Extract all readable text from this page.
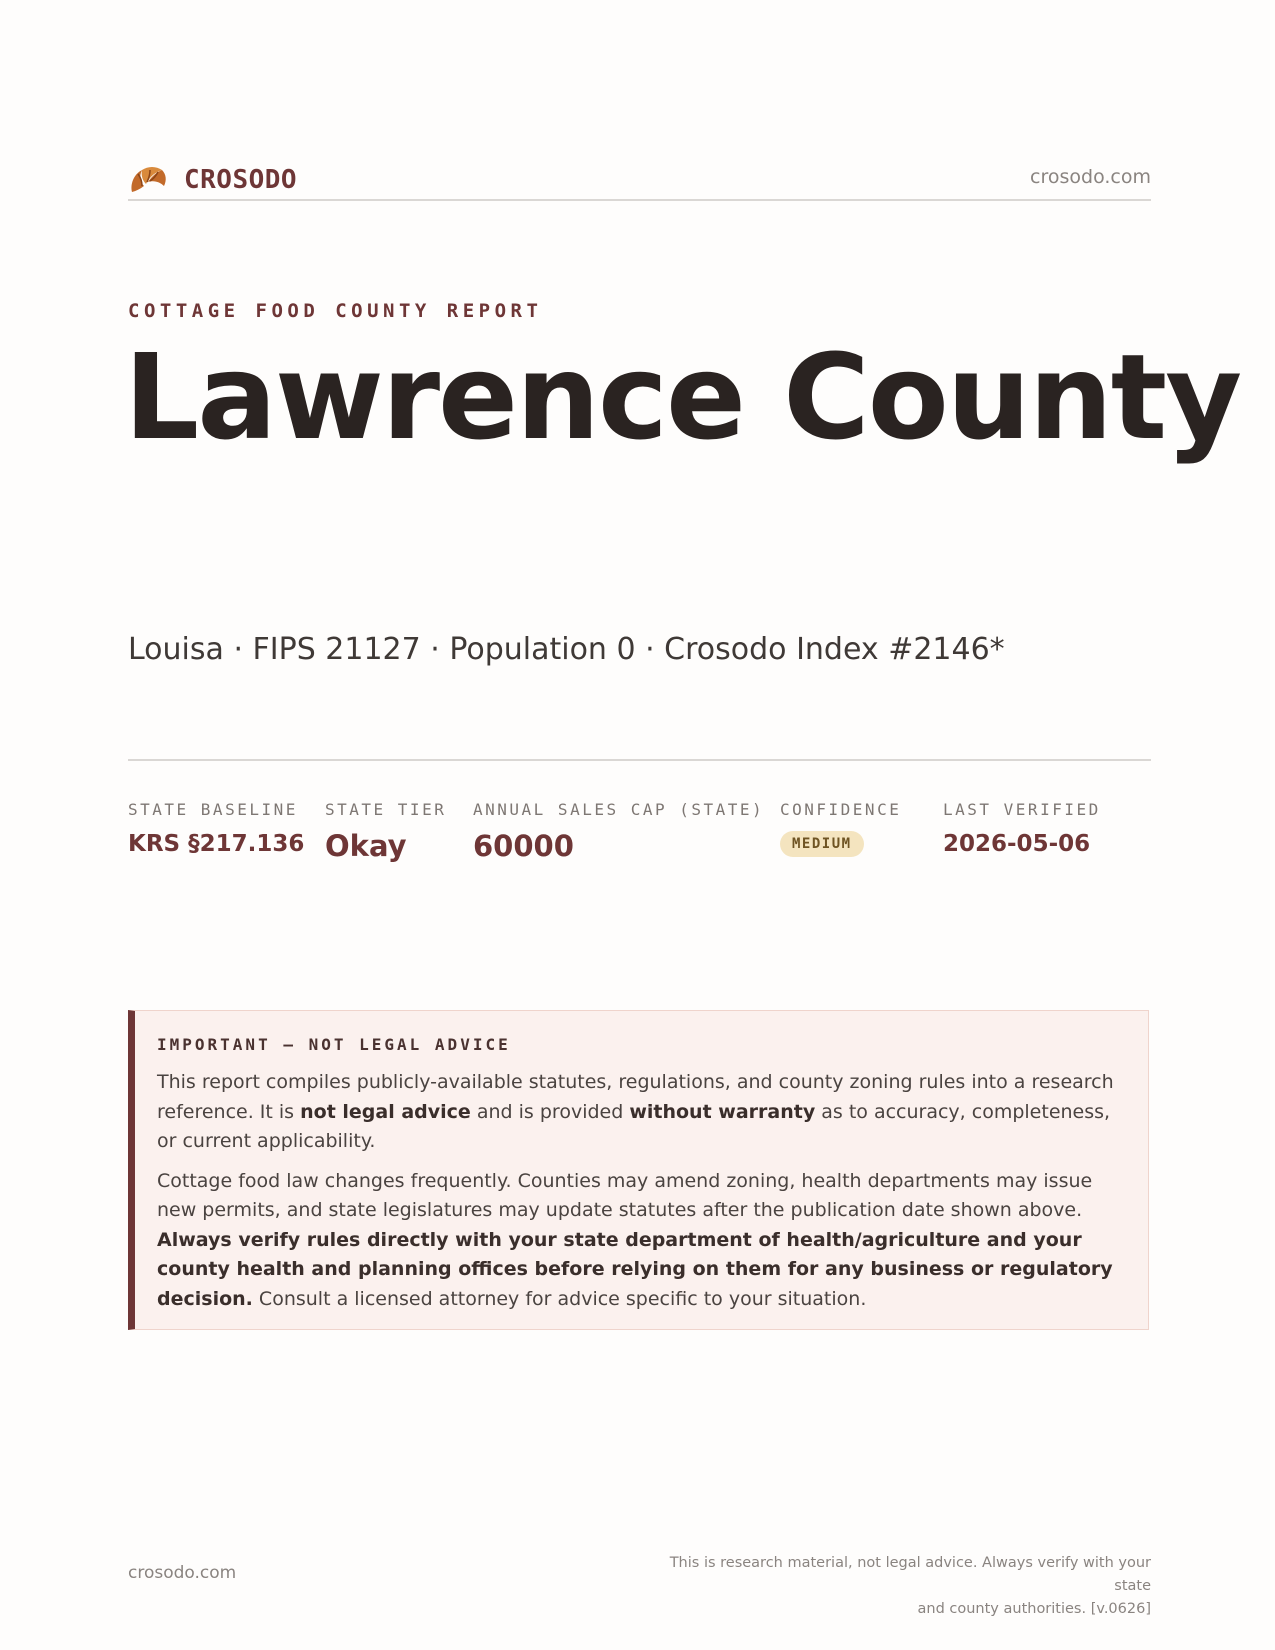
CROSODO	crosodo.com
COTTAGE FOOD COUNTY REPORT
Lawrence County
Louisa · FIPS 21127 · Population 0 · Crosodo Index #2146*
STATE BASELINE
KRS §217.136
STATE TIER
Okay
ANNUAL SALES CAP (STATE)
60000
CONFIDENCE
MEDIUM
LAST VERIFIED
2026-05-06
IMPORTANT — NOT LEGAL ADVICE

This report compiles publicly-available statutes, regulations, and county zoning rules into a research reference. It is not legal advice and is provided without warranty as to accuracy, completeness, or current applicability.

Cottage food law changes frequently. Counties may amend zoning, health departments may issue new permits, and state legislatures may update statutes after the publication date shown above. Always verify rules directly with your state department of health/agriculture and your county health and planning offices before relying on them for any business or regulatory decision. Consult a licensed attorney for advice specific to your situation.

crosodo.com	This is research material, not legal advice. Always verify with your state
and county authorities. [v.0626]
